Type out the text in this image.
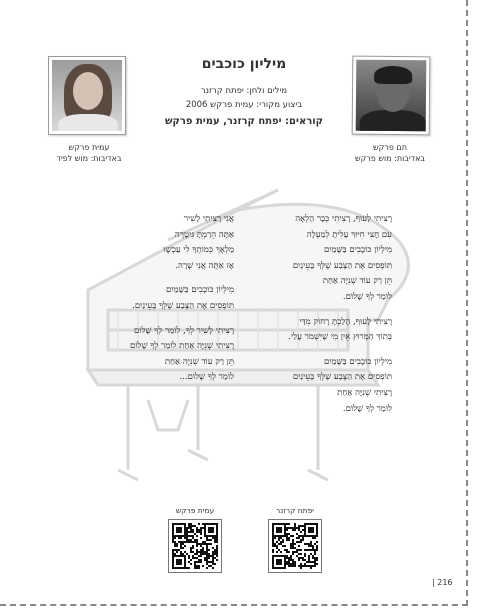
תם פרקש
באדיבות: מוש פרקש
עמית פרקש
באדיבות: מוש לפיד
מיליון כוכבים
מילים ולחן: יפתח קרזנר
ביצוע מקורי: עמית פרקש 2006
קוראים: יפתח קרזנר, עמית פרקש
רָצִיתִי לָעוּף, רָצִיתִי כְּבָר הַלְאָה
עִם חָצִי חִיּוּךְ עָלִיתָ לְמַעְלָה
מִילְיוֹן כּוֹכָבִים בַּשָּׁמַיִם
תּוֹפְסִים אֶת הַצֶּבַע שֶׁלְּךָ בָּעֵינַיִם
תֵּן רַק עוֹד שְׁנִיָּה אַחַת
לוֹמַר לְךָ שָׁלוֹם.
רָצִיתִי לָעוּף, הָלַכְתָּ רָחוֹק מִדַּי
בְּתוֹךְ הַמְּרוּץ אֵין מִי שֶׁיִּשְׁמֹר עָלַי.
מִילְיוֹן כּוֹכָבִים בַּשָּׁמַיִם
תּוֹפְסִים אֶת הַצֶּבַע שֶׁלְּךָ בָּעֵינַיִם
רָצִיתִי שְׁנִיָּה אַחַת
לוֹמַר לְךָ שָׁלוֹם.
אֲנִי רָצִיתִי לָשִׁיר
אַתָּה הֵרַמְתָּ גִּיטָרָה
מַלְאָךְ כְּמוֹתְךָ לִי עַכְשָׁו
אָז אַתָּה אֲנִי שָׁרָה.
מִילְיוֹן כּוֹכָבִים בַּשָּׁמַיִם
תּוֹפְסִים אֶת הַצֶּבַע שֶׁלְּךָ בָּעֵינַיִם.
רָצִיתִי לָשִׁיר לְךָ, לוֹמַר לְךָ שָׁלוֹם
רָצִיתִי שְׁנִיָּה אַחַת לוֹמַר לְךָ שָׁלוֹם
תֵּן רַק עוֹד שְׁנִיָּה אַחַת
לוֹמַר לְךָ שָׁלוֹם...
יפתח קרזנר
עמית פרקש
| 216
